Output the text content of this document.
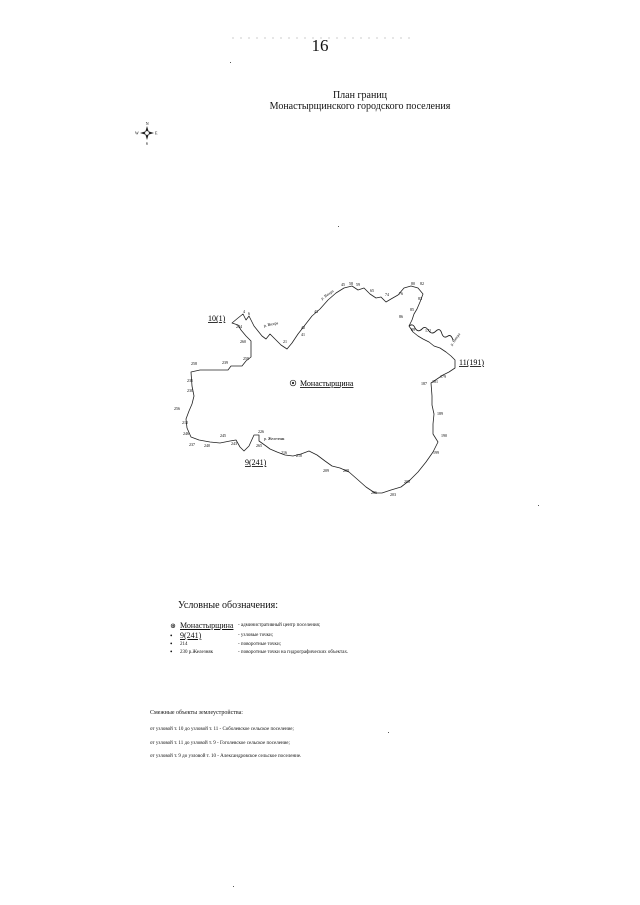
16
План границ
Монастырщинского городского поселения
N
S
E
W
Монастырщина
10(1)
11(191)
9(241)
р. Вихра
р. Вихра
р. Вихра
р. Железняк
4 6
244
260
41
42
43
21
45 58 59
65
74	76
80 82
83
85
86
89	172
179
181
187
189
190
199
200
203
206
208
209
210
212
216
226
230
235
237
239
240	243
245
246
256
258
259
265
Условные обозначения:
⊛ Монастырщина - административный центр поселения;
• 9(241)	- узловые точки;
•	214	- поворотные точки;
•	230 р.Железняк	- поворотные точки на гидрографических объектах.
Смежные объекты землеустройства:
от узловой т. 10 до узловой т. 11 - Соболевское сельское поселение;
от узловой т. 11 до узловой т. 9 - Гоголевское сельское поселение;
от узловой т. 9 до узловой т. 10 - Александровское сельское поселение.
